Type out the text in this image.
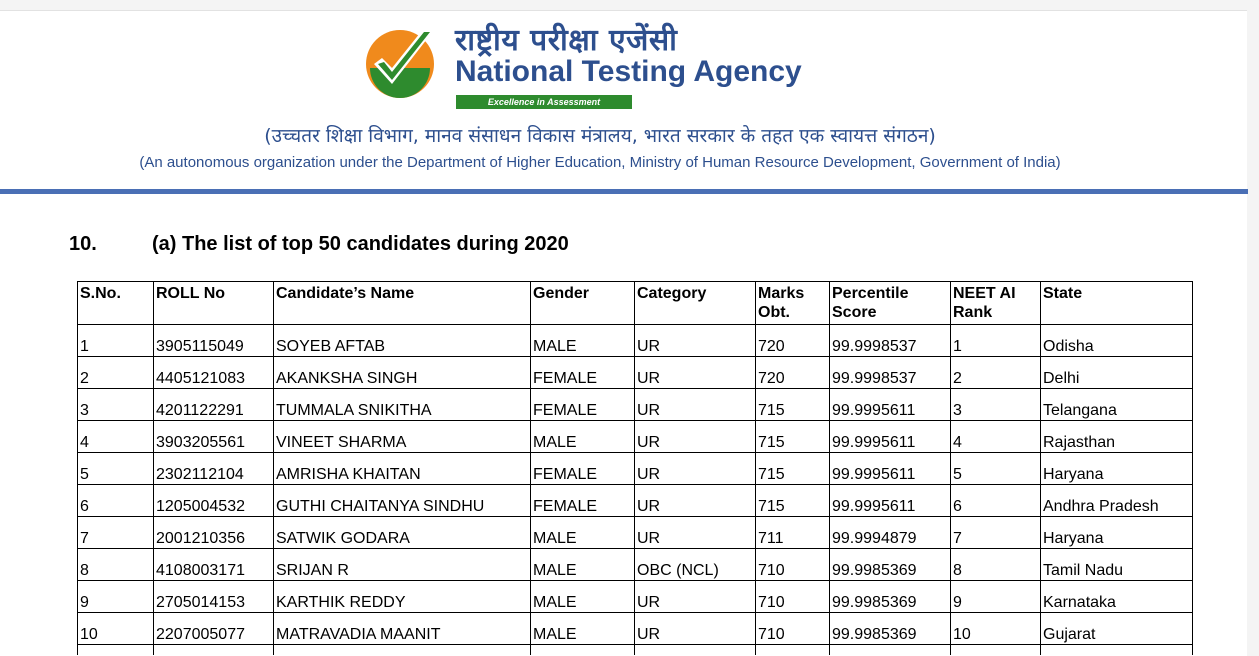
राष्ट्रीय परीक्षा एजेंसी
National Testing Agency
Excellence in Assessment
(उच्चतर शिक्षा विभाग, मानव संसाधन विकास मंत्रालय, भारत सरकार के तहत एक स्वायत्त संगठन)
(An autonomous organization under the Department of Higher Education, Ministry of Human Resource Development, Government of India)
10.	(a) The list of top 50 candidates during 2020
S.No.	ROLL No	Candidate’s Name	Gender	Category	Marks Obt.	Percentile Score	NEET AI Rank	State
1	3905115049	SOYEB AFTAB	MALE	UR	720	99.9998537	1	Odisha
2	4405121083	AKANKSHA SINGH	FEMALE	UR	720	99.9998537	2	Delhi
3	4201122291	TUMMALA SNIKITHA	FEMALE	UR	715	99.9995611	3	Telangana
4	3903205561	VINEET SHARMA	MALE	UR	715	99.9995611	4	Rajasthan
5	2302112104	AMRISHA KHAITAN	FEMALE	UR	715	99.9995611	5	Haryana
6	1205004532	GUTHI CHAITANYA SINDHU	FEMALE	UR	715	99.9995611	6	Andhra Pradesh
7	2001210356	SATWIK GODARA	MALE	UR	711	99.9994879	7	Haryana
8	4108003171	SRIJAN R	MALE	OBC (NCL)	710	99.9985369	8	Tamil Nadu
9	2705014153	KARTHIK REDDY	MALE	UR	710	99.9985369	9	Karnataka
10	2207005077	MATRAVADIA MAANIT	MALE	UR	710	99.9985369	10	Gujarat
